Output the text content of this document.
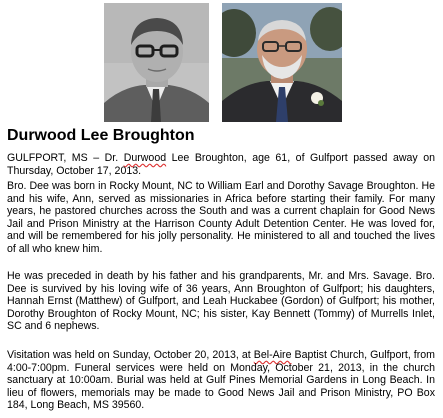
Durwood Lee Broughton

GULFPORT, MS – Dr. Durwood Lee Broughton, age 61, of Gulfport passed away on Thursday, October 17, 2013.

Bro. Dee was born in Rocky Mount, NC to William Earl and Dorothy Savage Broughton. He and his wife, Ann, served as missionaries in Africa before starting their family. For many years, he pastored churches across the South and was a current chaplain for Good News Jail and Prison Ministry at the Harrison County Adult Detention Center. He was loved for, and will be remembered for his jolly personality. He ministered to all and touched the lives of all who knew him.

He was preceded in death by his father and his grandparents, Mr. and Mrs. Savage. Bro. Dee is survived by his loving wife of 36 years, Ann Broughton of Gulfport; his daughters, Hannah Ernst (Matthew) of Gulfport, and Leah Huckabee (Gordon) of Gulfport; his mother, Dorothy Broughton of Rocky Mount, NC; his sister, Kay Bennett (Tommy) of Murrells Inlet, SC and 6 nephews.

Visitation was held on Sunday, October 20, 2013, at Bel-Aire Baptist Church, Gulfport, from 4:00-7:00pm. Funeral services were held on Monday, October 21, 2013, in the church sanctuary at 10:00am. Burial was held at Gulf Pines Memorial Gardens in Long Beach. In lieu of flowers, memorials may be made to Good News Jail and Prison Ministry, PO Box 184, Long Beach, MS 39560.
